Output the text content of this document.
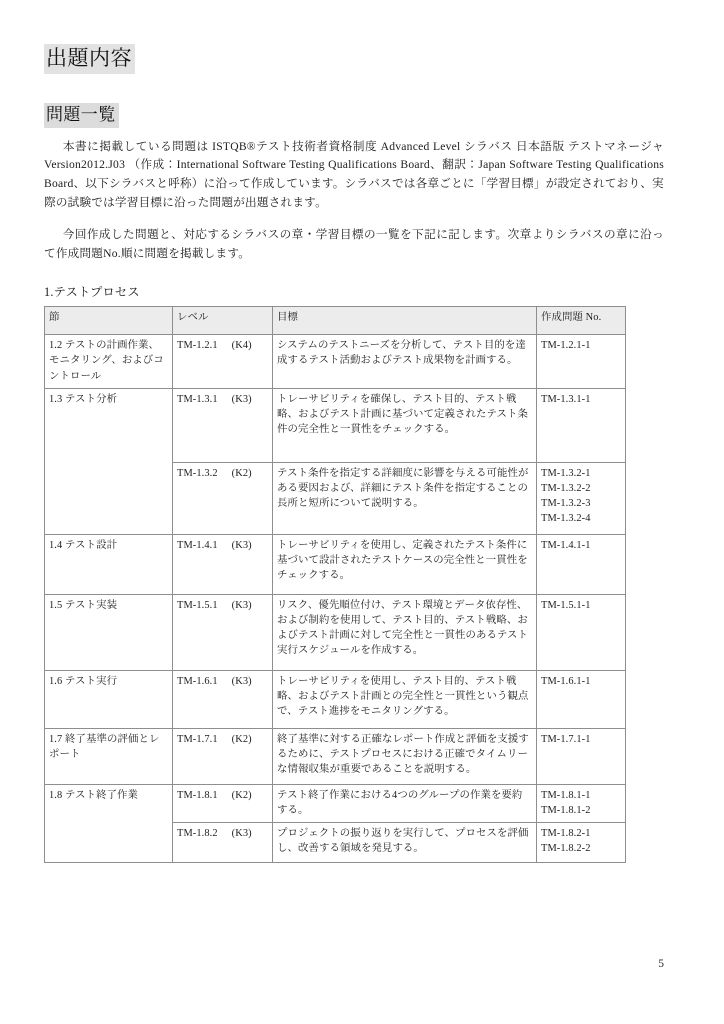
出題内容
問題一覧

本書に掲載している問題は ISTQB®テスト技術者資格制度 Advanced Level シラバス 日本語版 テストマネージャ Version2012.J03 （作成：International Software Testing Qualifications Board、翻訳：Japan Software Testing Qualifications Board、以下シラバスと呼称）に沿って作成しています。シラバスでは各章ごとに「学習目標」が設定されており、実際の試験では学習目標に沿った問題が出題されます。

今回作成した問題と、対応するシラバスの章・学習目標の一覧を下記に記します。次章よりシラバスの章に沿って作成問題No.順に問題を掲載します。

1.テストプロセス
節	レベル	目標	作成問題 No.
1.2 テストの計画作業、モニタリング、およびコントロール	TM-1.2.1 (K4)	システムのテストニーズを分析して、テスト目的を達成するテスト活動およびテスト成果物を計画する。	TM-1.2.1-1

1.3 テスト分析	TM-1.3.1 (K3)	トレーサビリティを確保し、テスト目的、テスト戦略、およびテスト計画に基づいて定義されたテスト条件の完全性と一貫性をチェックする。	TM-1.3.1-1

	TM-1.3.2 (K2)	テスト条件を指定する詳細度に影響を与える可能性がある要因および、詳細にテスト条件を指定することの長所と短所について説明する。	TM-1.3.2-1
TM-1.3.2-2
TM-1.3.2-3
TM-1.3.2-4

1.4 テスト設計	TM-1.4.1 (K3)	トレーサビリティを使用し、定義されたテスト条件に基づいて設計されたテストケースの完全性と一貫性をチェックする。	TM-1.4.1-1

1.5 テスト実装	TM-1.5.1 (K3)	リスク、優先順位付け、テスト環境とデータ依存性、および制約を使用して、テスト目的、テスト戦略、およびテスト計画に対して完全性と一貫性のあるテスト実行スケジュールを作成する。	TM-1.5.1-1

1.6 テスト実行	TM-1.6.1 (K3)	トレーサビリティを使用し、テスト目的、テスト戦略、およびテスト計画との完全性と一貫性という観点で、テスト進捗をモニタリングする。	TM-1.6.1-1

1.7 終了基準の評価とレポート	TM-1.7.1 (K2)	終了基準に対する正確なレポート作成と評価を支援するために、テストプロセスにおける正確でタイムリーな情報収集が重要であることを説明する。	TM-1.7.1-1

1.8 テスト終了作業	TM-1.8.1 (K2)	テスト終了作業における4つのグループの作業を要約する。	TM-1.8.1-1
TM-1.8.1-2

	TM-1.8.2 (K3)	プロジェクトの振り返りを実行して、プロセスを評価し、改善する領域を発見する。	TM-1.8.2-1
TM-1.8.2-2
5
